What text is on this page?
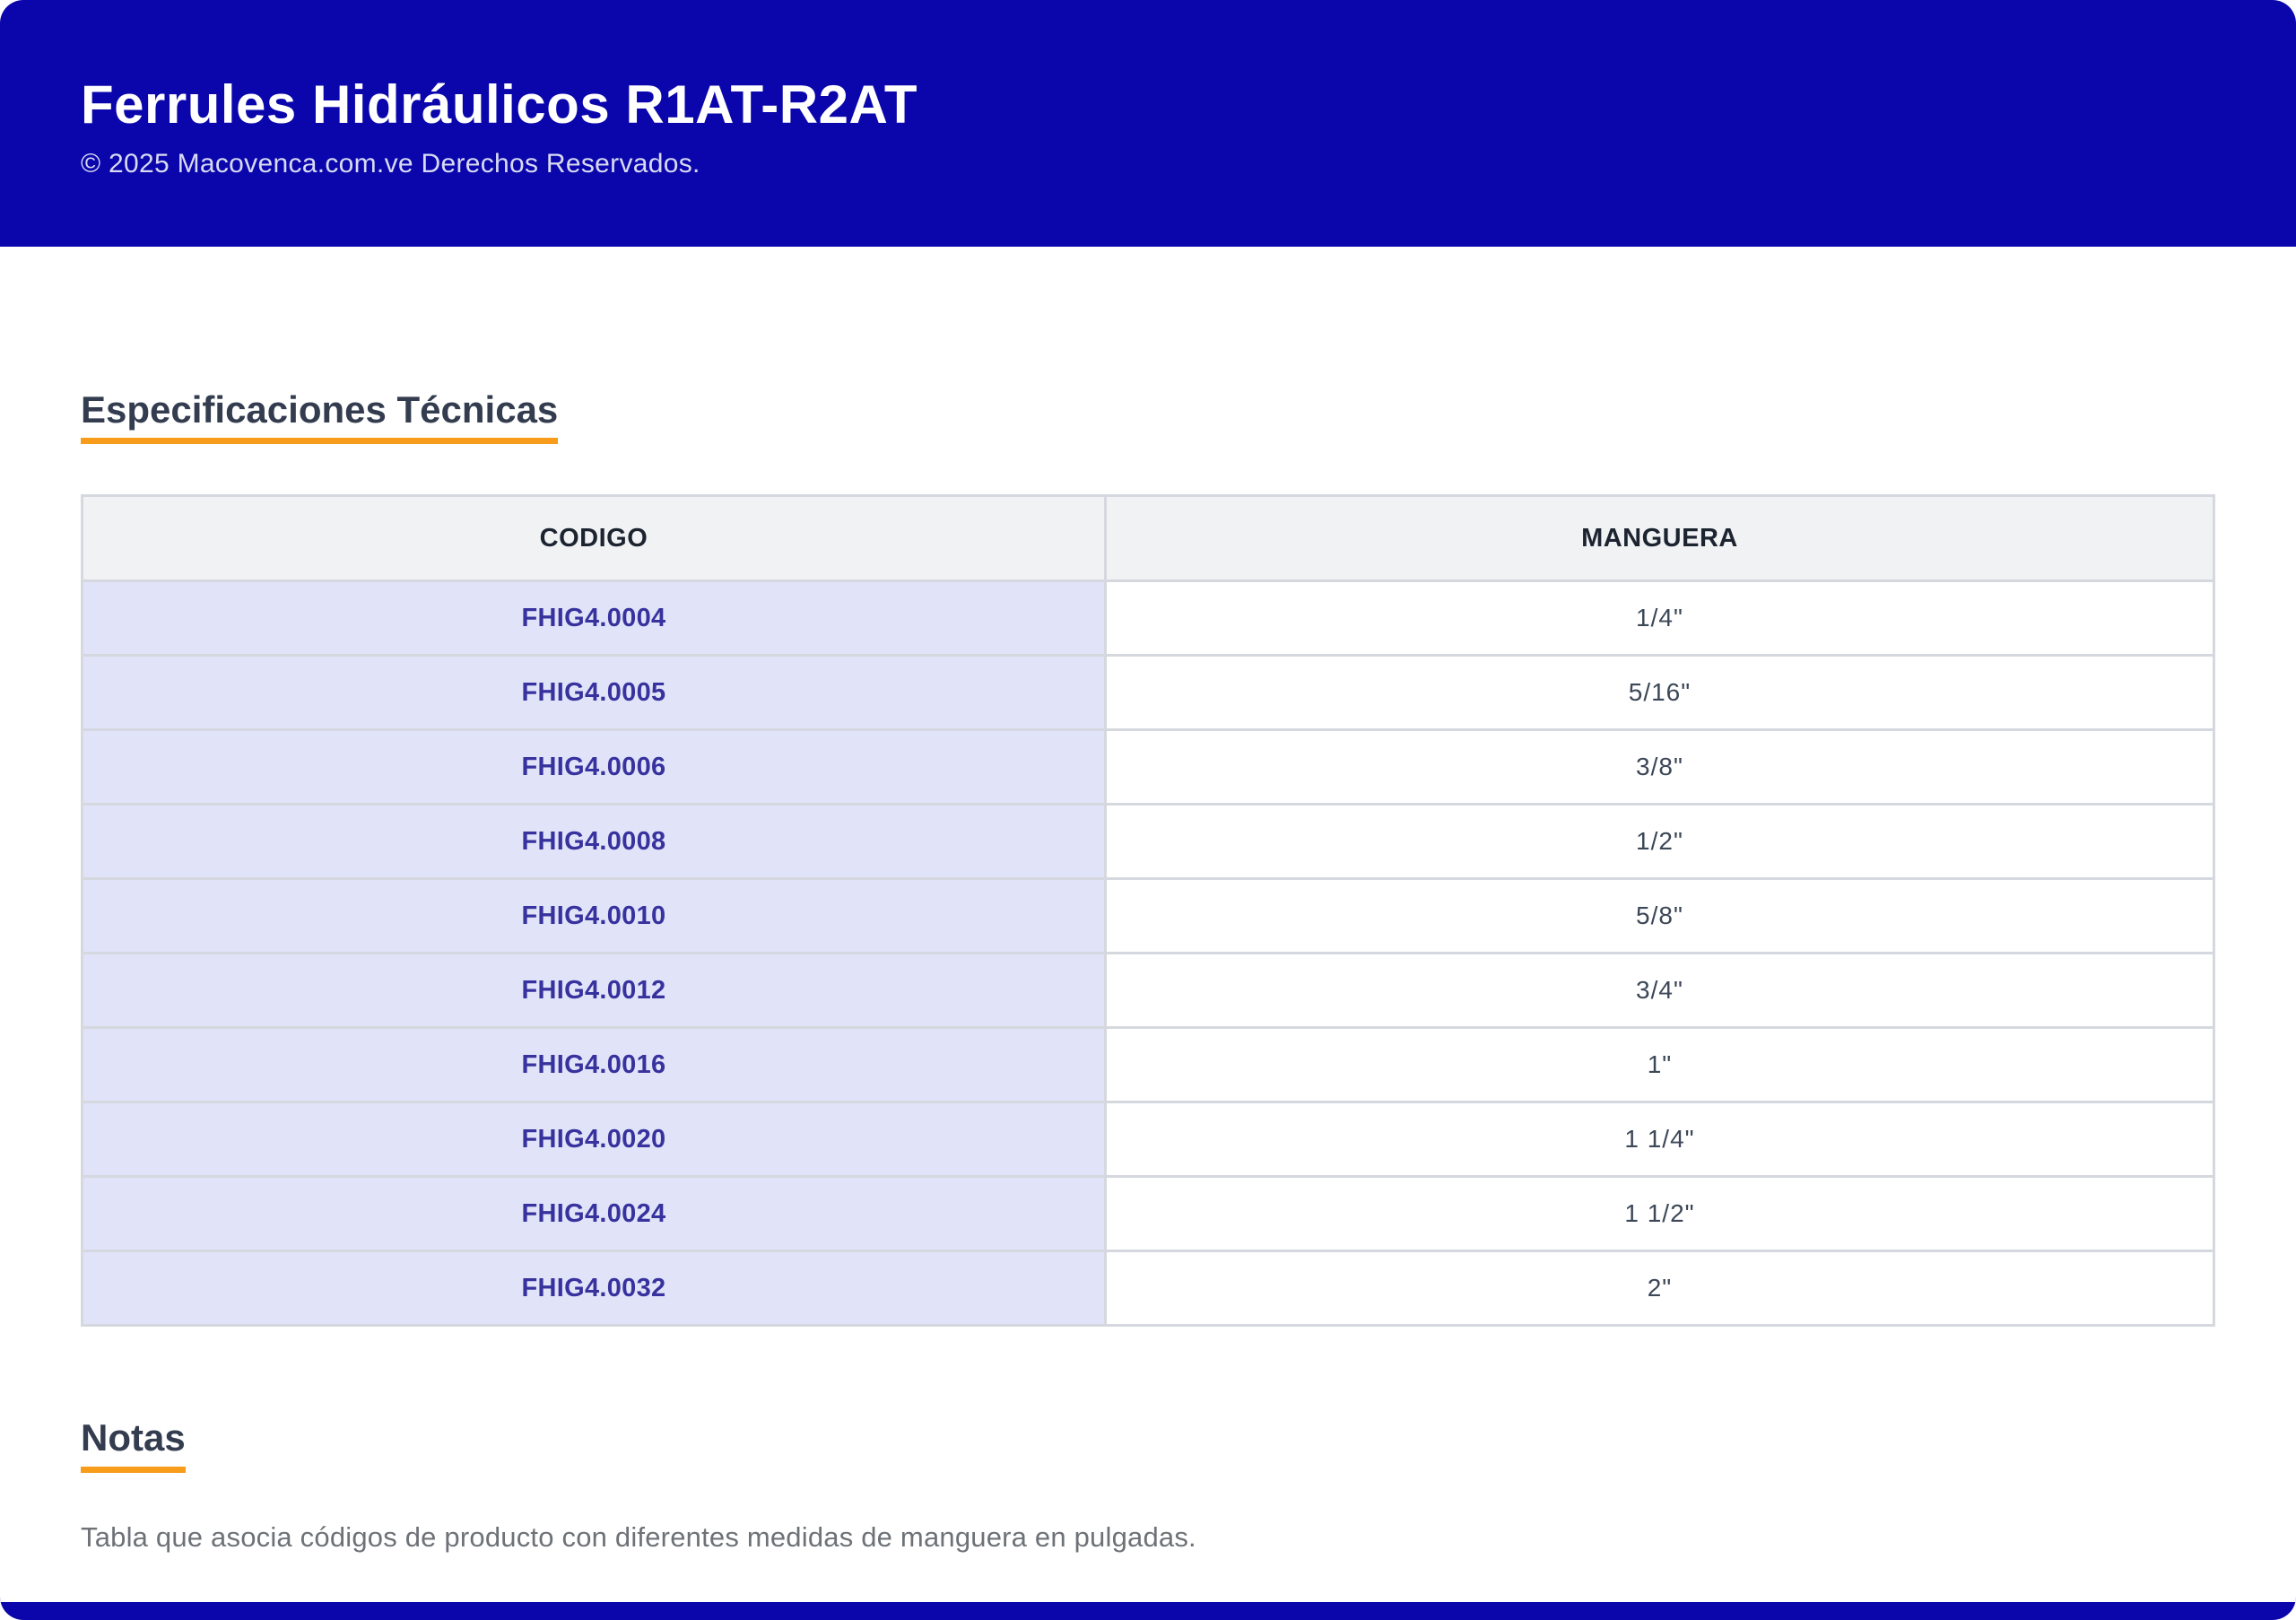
Ferrules Hidráulicos R1AT-R2AT

© 2025 Macovenca.com.ve Derechos Reservados.

Especificaciones Técnicas
CODIGO	MANGUERA
FHIG4.0004	1/4"
FHIG4.0005	5/16"
FHIG4.0006	3/8"
FHIG4.0008	1/2"
FHIG4.0010	5/8"
FHIG4.0012	3/4"
FHIG4.0016	1"
FHIG4.0020	1 1/4"
FHIG4.0024	1 1/2"
FHIG4.0032	2"
Notas

Tabla que asocia códigos de producto con diferentes medidas de manguera en pulgadas.
